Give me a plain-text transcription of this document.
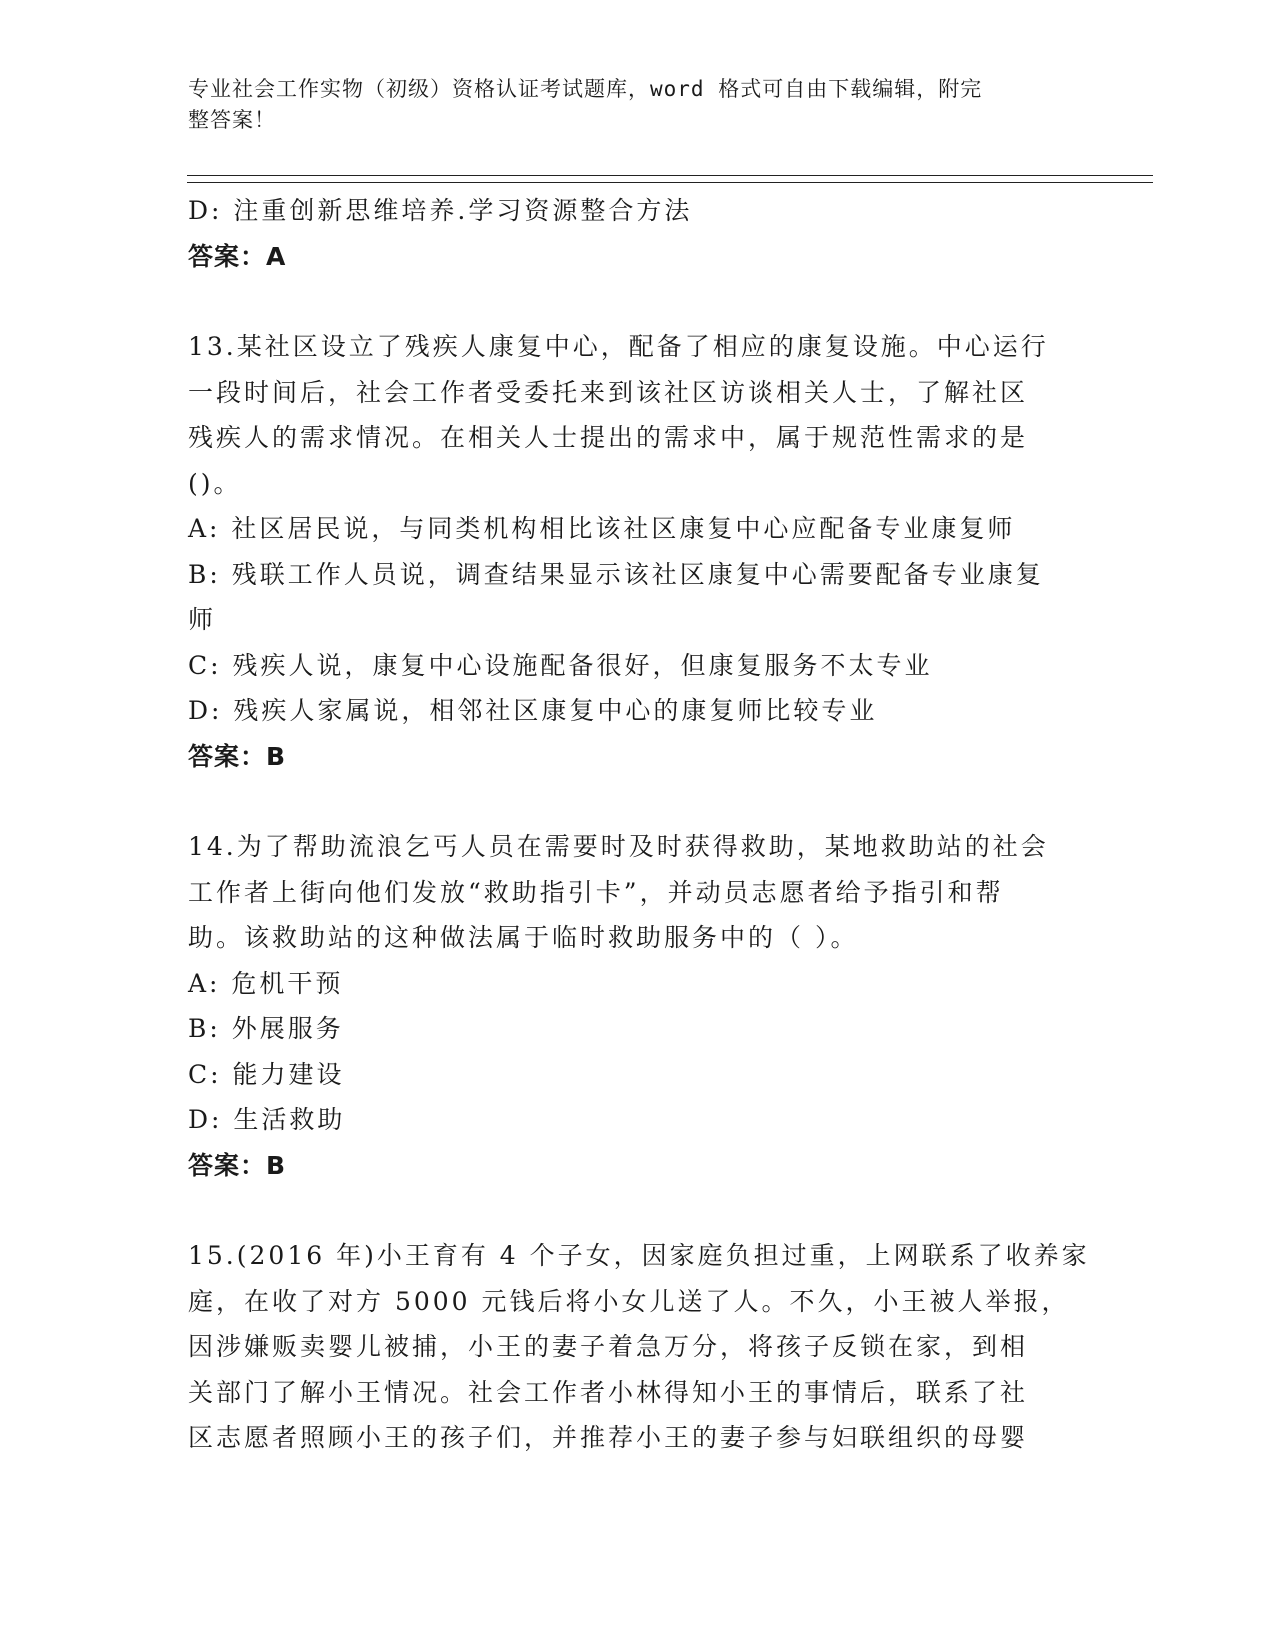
专业社会工作实物（初级）资格认证考试题库，word 格式可自由下载编辑，附完
整答案！
D: 注重创新思维培养.学习资源整合方法
答案：A
13.某社区设立了残疾人康复中心，配备了相应的康复设施。中心运行
一段时间后，社会工作者受委托来到该社区访谈相关人士，了解社区
残疾人的需求情况。在相关人士提出的需求中，属于规范性需求的是
()。
A: 社区居民说，与同类机构相比该社区康复中心应配备专业康复师
B: 残联工作人员说，调查结果显示该社区康复中心需要配备专业康复
师
C: 残疾人说，康复中心设施配备很好，但康复服务不太专业
D: 残疾人家属说，相邻社区康复中心的康复师比较专业
答案：B
14.为了帮助流浪乞丐人员在需要时及时获得救助，某地救助站的社会
工作者上街向他们发放“救助指引卡”，并动员志愿者给予指引和帮
助。该救助站的这种做法属于临时救助服务中的（ ）。
A: 危机干预
B: 外展服务
C: 能力建设
D: 生活救助
答案：B
15.(2016 年)小王育有 4 个子女，因家庭负担过重，上网联系了收养家
庭，在收了对方 5000 元钱后将小女儿送了人。不久，小王被人举报，
因涉嫌贩卖婴儿被捕，小王的妻子着急万分，将孩子反锁在家，到相
关部门了解小王情况。社会工作者小林得知小王的事情后，联系了社
区志愿者照顾小王的孩子们，并推荐小王的妻子参与妇联组织的母婴
